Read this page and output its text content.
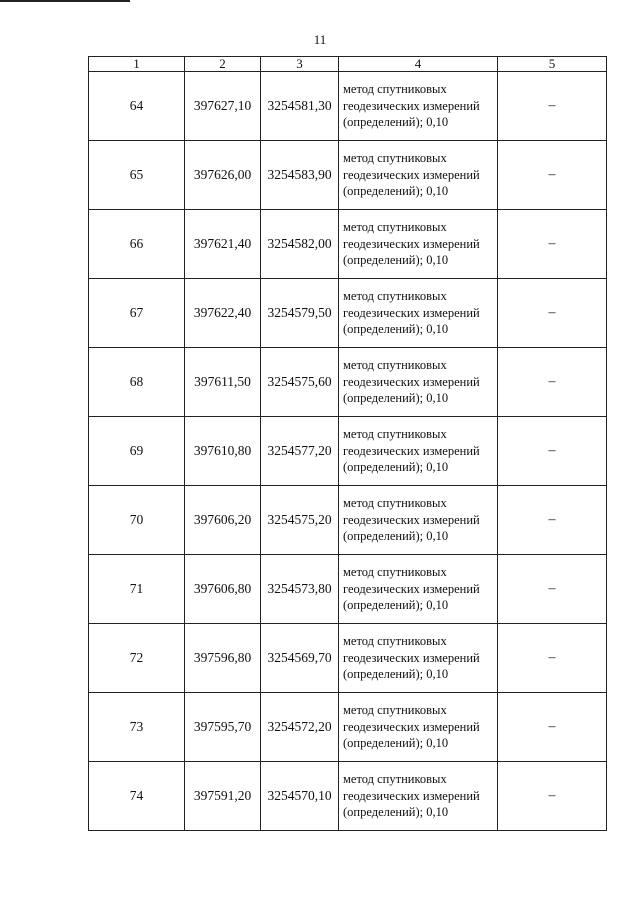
11
1	2	3	4	5
64	397627,10	3254581,30	метод спутниковых геодезических измерений (определений); 0,10	–
65	397626,00	3254583,90	метод спутниковых геодезических измерений (определений); 0,10	–
66	397621,40	3254582,00	метод спутниковых геодезических измерений (определений); 0,10	–
67	397622,40	3254579,50	метод спутниковых геодезических измерений (определений); 0,10	–
68	397611,50	3254575,60	метод спутниковых геодезических измерений (определений); 0,10	–
69	397610,80	3254577,20	метод спутниковых геодезических измерений (определений); 0,10	–
70	397606,20	3254575,20	метод спутниковых геодезических измерений (определений); 0,10	–
71	397606,80	3254573,80	метод спутниковых геодезических измерений (определений); 0,10	–
72	397596,80	3254569,70	метод спутниковых геодезических измерений (определений); 0,10	–
73	397595,70	3254572,20	метод спутниковых геодезических измерений (определений); 0,10	–
74	397591,20	3254570,10	метод спутниковых геодезических измерений (определений); 0,10	–
